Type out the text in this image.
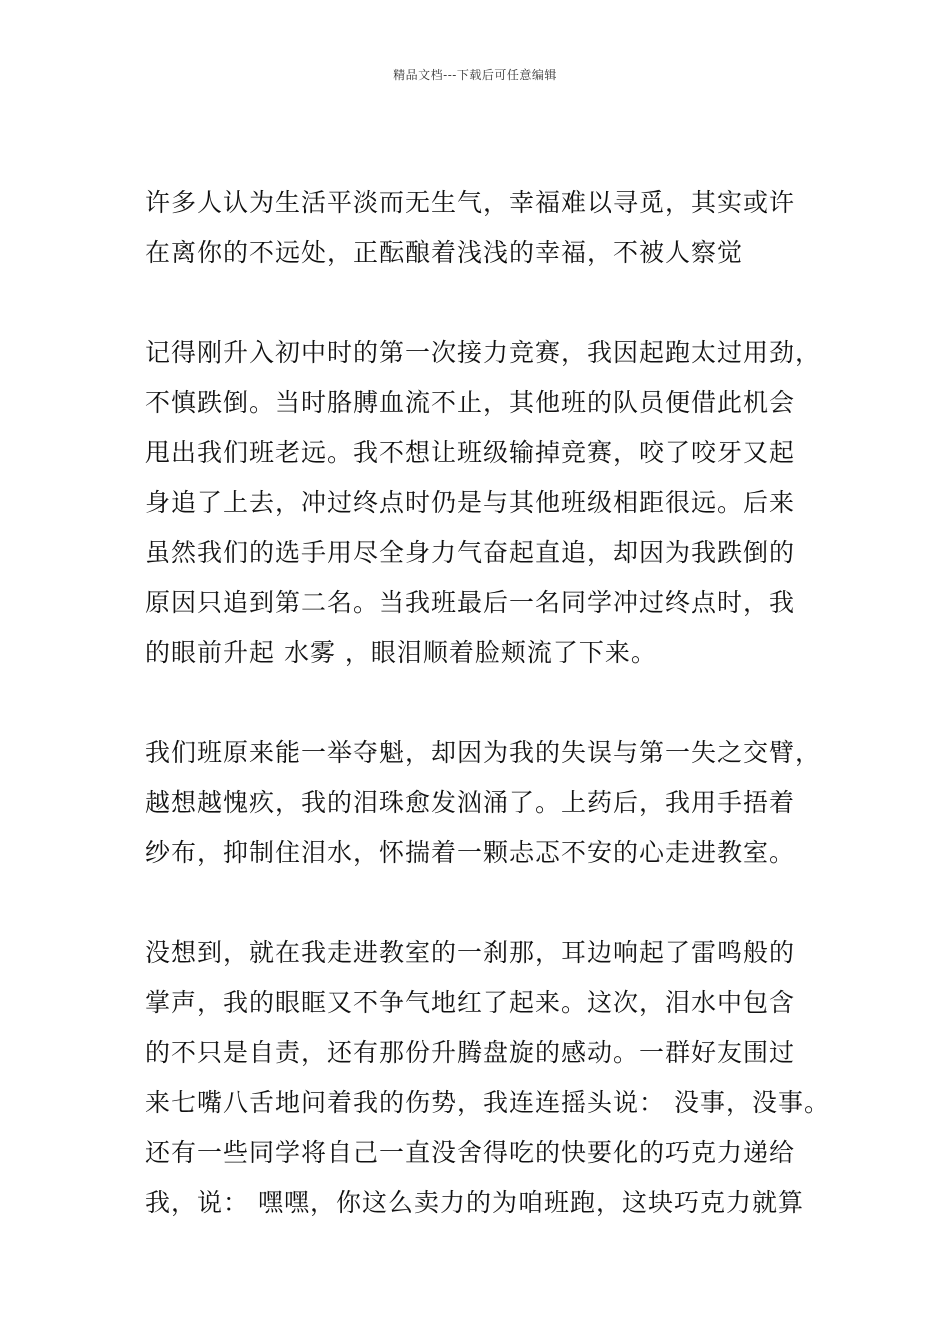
精品文档---下载后可任意编辑
许多人认为生活平淡而无生气，幸福难以寻觅，其实或许
在离你的不远处，正酝酿着浅浅的幸福，不被人察觉
记得刚升入初中时的第一次接力竞赛，我因起跑太过用劲，
不慎跌倒。当时胳膊血流不止，其他班的队员便借此机会
甩出我们班老远。我不想让班级输掉竞赛，咬了咬牙又起
身追了上去，冲过终点时仍是与其他班级相距很远。后来
虽然我们的选手用尽全身力气奋起直追，却因为我跌倒的
原因只追到第二名。当我班最后一名同学冲过终点时，我
的眼前升起 水雾 ，眼泪顺着脸颊流了下来。
我们班原来能一举夺魁，却因为我的失误与第一失之交臂，
越想越愧疚，我的泪珠愈发汹涌了。上药后，我用手捂着
纱布，抑制住泪水，怀揣着一颗忐忑不安的心走进教室。
没想到，就在我走进教室的一刹那，耳边响起了雷鸣般的
掌声，我的眼眶又不争气地红了起来。这次，泪水中包含
的不只是自责，还有那份升腾盘旋的感动。一群好友围过
来七嘴八舌地问着我的伤势，我连连摇头说： 没事，没事。
还有一些同学将自己一直没舍得吃的快要化的巧克力递给
我，说： 嘿嘿，你这么卖力的为咱班跑，这块巧克力就算
